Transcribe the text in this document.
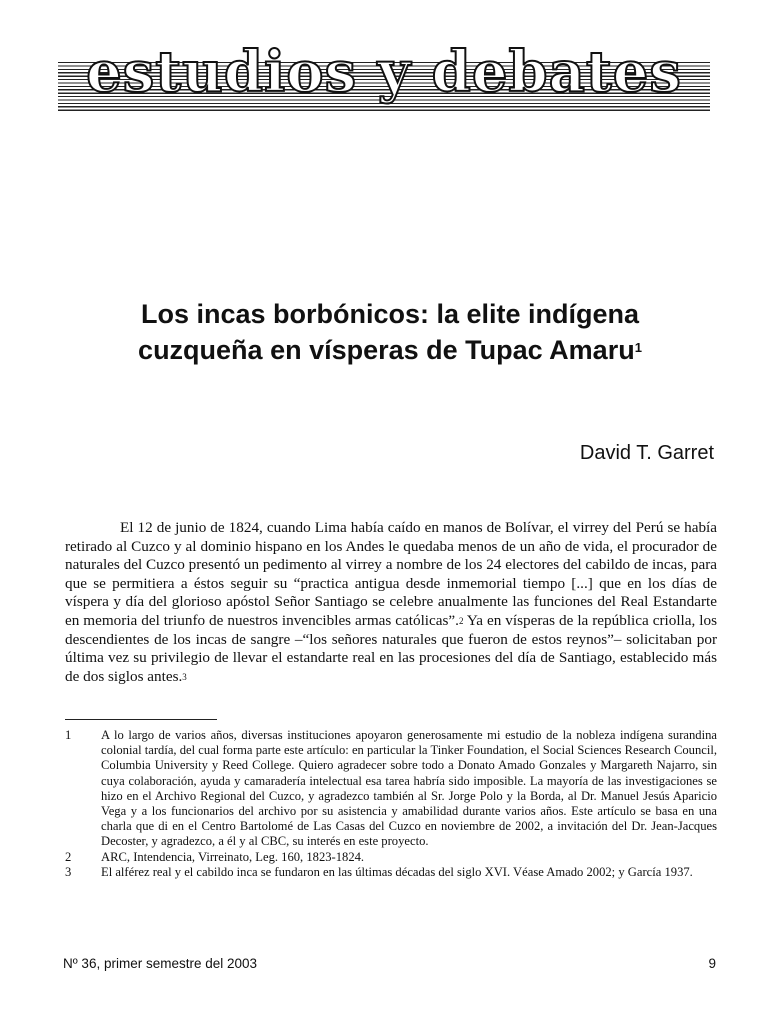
estudios y debates
Los incas borbónicos: la elite indígena
cuzqueña en vísperas de Tupac Amaru$^1$
David T. Garret

El 12 de junio de 1824, cuando Lima había caído en manos de Bolívar, el virrey del Perú se había retirado al Cuzco y al dominio hispano en los Andes le quedaba menos de un año de vida, el procurador de naturales del Cuzco presentó un pedimento al virrey a nombre de los 24 electores del cabildo de incas, para que se permitiera a éstos seguir su “practica antigua desde inmemorial tiempo [...] que en los días de víspera y día del glorioso apóstol Señor Santiago se celebre anualmente las funciones del Real Estandarte en memoria del triunfo de nuestros invencibles armas católicas”.$^2$ Ya en vísperas de la república criolla, los descendientes de los incas de sangre –“los señores naturales que fueron de estos reynos”– solicitaban por última vez su privilegio de llevar el estandarte real en las procesiones del día de Santiago, establecido más de dos siglos antes.$^3$

1	A lo largo de varios años, diversas instituciones apoyaron generosamente mi estudio de la nobleza indígena surandina colonial tardía, del cual forma parte este artículo: en particular la Tinker Foundation, el Social Sciences Research Council, Columbia University y Reed College. Quiero agradecer sobre todo a Donato Amado Gonzales y Margareth Najarro, sin cuya colaboración, ayuda y camaradería intelectual esa tarea habría sido imposible. La mayoría de las investigaciones se hizo en el Archivo Regional del Cuzco, y agradezco también al Sr. Jorge Polo y la Borda, al Dr. Manuel Jesús Aparicio Vega y a los funcionarios del archivo por su asistencia y amabilidad durante varios años. Este artículo se basa en una charla que di en el Centro Bartolomé de Las Casas del Cuzco en noviembre de 2002, a invitación del Dr. Jean-Jacques Decoster, y agradezco, a él y al CBC, su interés en este proyecto.
2	ARC, Intendencia, Virreinato, Leg. 160, 1823-1824.
3	El alférez real y el cabildo inca se fundaron en las últimas décadas del siglo XVI. Véase Amado 2002; y García 1937.
Nº 36, primer semestre del 2003	9
